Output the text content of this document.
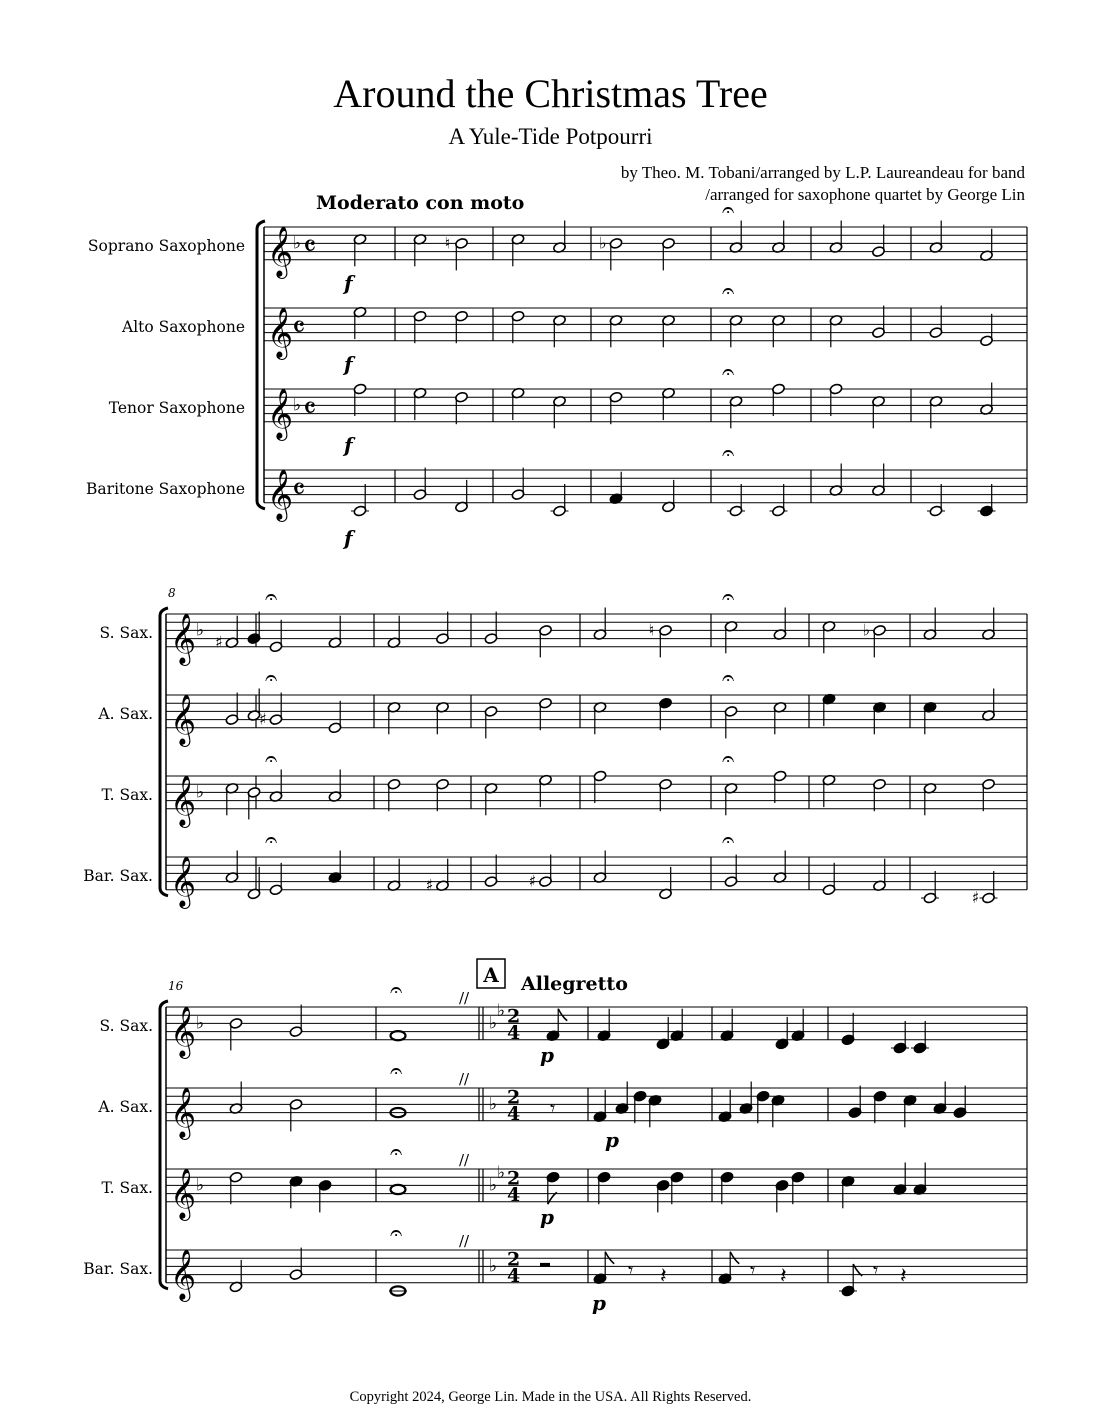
Around the Christmas Tree
A Yule-Tide Potpourri
by Theo. M. Tobani/arranged by L.P. Laureandeau for band
/arranged for saxophone quartet by George Lin
Moderato con moto
Soprano Saxophone
Alto Saxophone
Tenor Saxophone
Baritone Saxophone
8
S. Sax.
A. Sax.
T. Sax.
Bar. Sax.
16
S. Sax.
A. Sax.
T. Sax.
Bar. Sax.
A Allegretto
𝄞 ♭ 𝄴
𝄞
𝄴
𝄞 ♭ 𝄴
𝄞
𝄴
♮	♭
𝄐
𝄐
𝄐
𝄐
f
f
f
f
𝄞 ♭
𝄞
𝄞 ♭
𝄞
♯
♮	♭
♯
♯	♯
♯
𝄐	𝄐
𝄐	𝄐
𝄐	𝄐
𝄐	𝄐
𝄞 ♭
//
♭
♭ 2
4
𝄞
//
♭ 2
4
𝄞 ♭
//
♭
♭ 2
4
𝄞
//
♭ 2
4
𝄐
𝄐
𝄐
𝄐
p
𝄾
p
p
𝄾 𝄽	𝄾 𝄽	𝄾 𝄽
p
Copyright 2024, George Lin. Made in the USA. All Rights Reserved.
